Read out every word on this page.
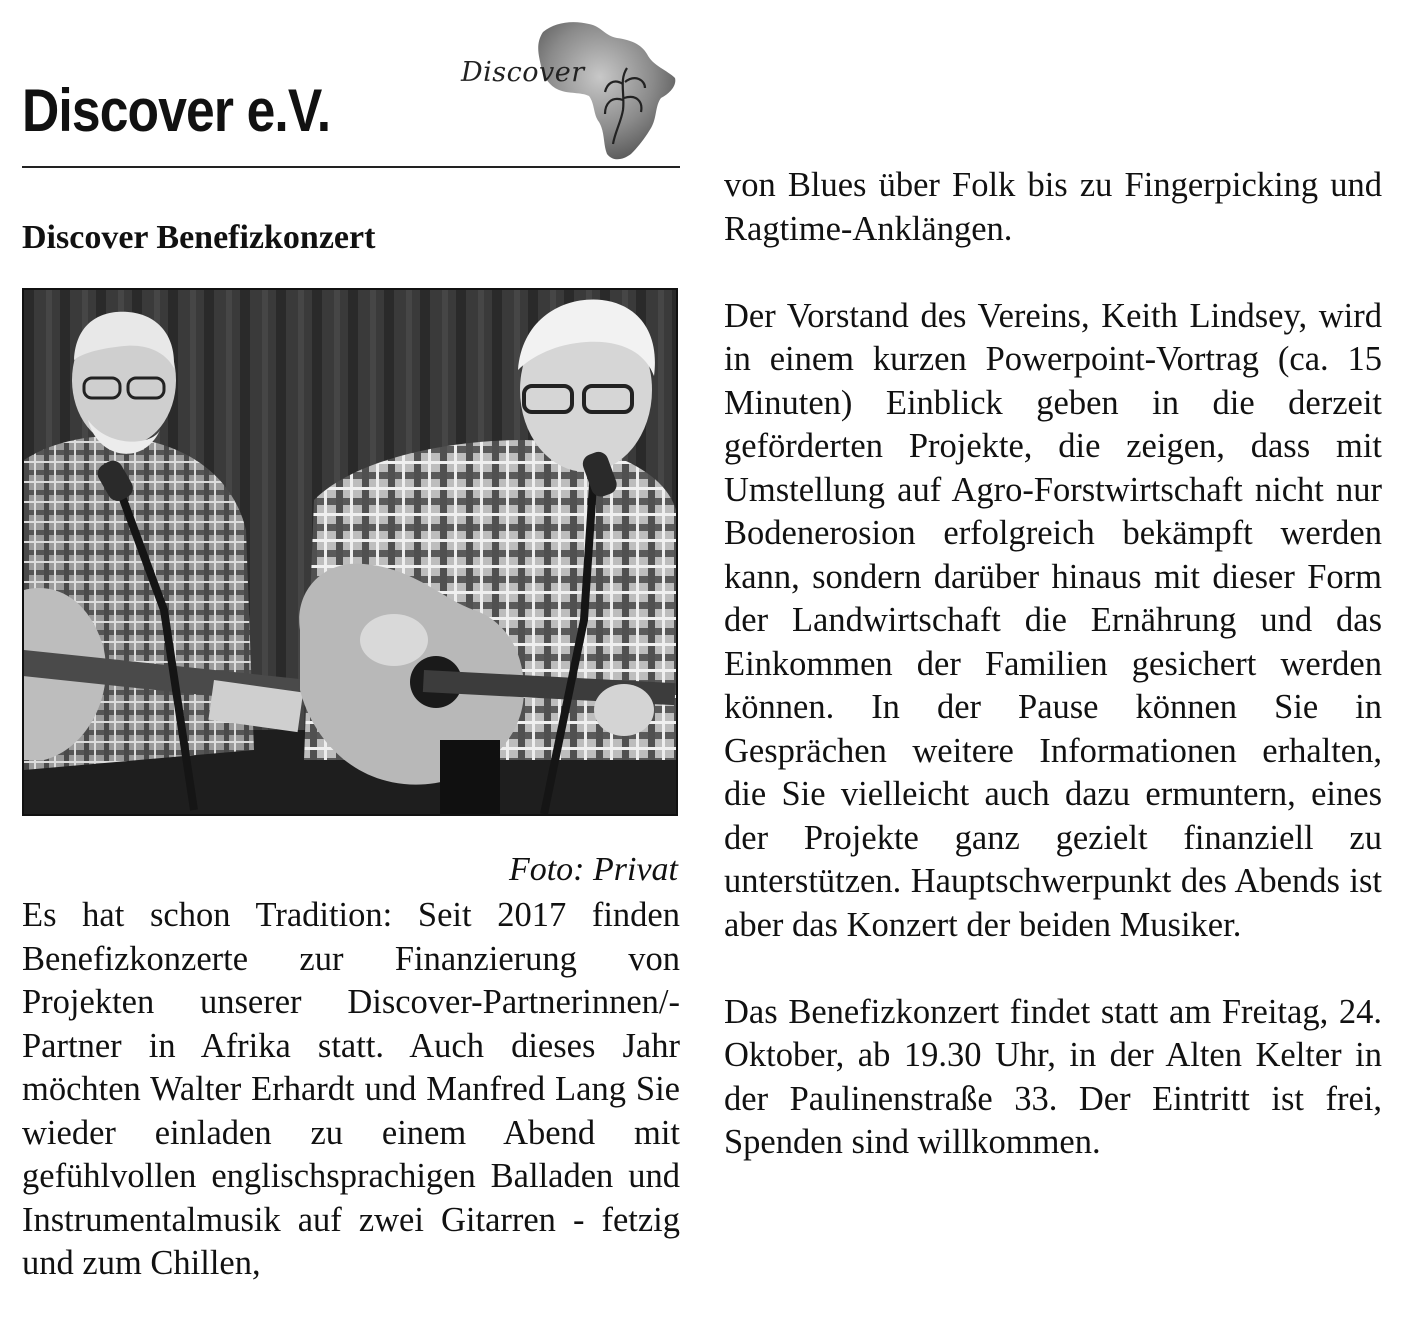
Discover e.V.
Discover
Discover Benefizkonzert
Foto: Privat

Es hat schon Tradition: Seit 2017 finden Benefizkonzerte zur Finanzierung von Projekten unserer Discover-Partnerinnen/-Partner in Afrika statt. Auch dieses Jahr möchten Walter Erhardt und Manfred Lang Sie wieder einladen zu einem Abend mit gefühlvollen englischsprachigen Balladen und Instrumentalmusik auf zwei Gitarren - fetzig und zum Chillen,

von Blues über Folk bis zu Fingerpicking und Ragtime-Anklängen.

Der Vorstand des Vereins, Keith Lindsey, wird in einem kurzen Powerpoint-Vortrag (ca. 15 Minuten) Einblick geben in die derzeit geförderten Projekte, die zeigen, dass mit Umstellung auf Agro-Forstwirtschaft nicht nur Bodenerosion erfolgreich bekämpft werden kann, sondern darüber hinaus mit dieser Form der Landwirtschaft die Ernährung und das Einkommen der Familien gesichert werden können. In der Pause können Sie in Gesprächen weitere Informationen erhalten, die Sie vielleicht auch dazu ermuntern, eines der Projekte ganz gezielt finanziell zu unterstützen. Hauptschwerpunkt des Abends ist aber das Konzert der beiden Musiker.

Das Benefizkonzert findet statt am Freitag, 24. Oktober, ab 19.30 Uhr, in der Alten Kelter in der Paulinenstraße 33. Der Eintritt ist frei, Spenden sind willkommen.
